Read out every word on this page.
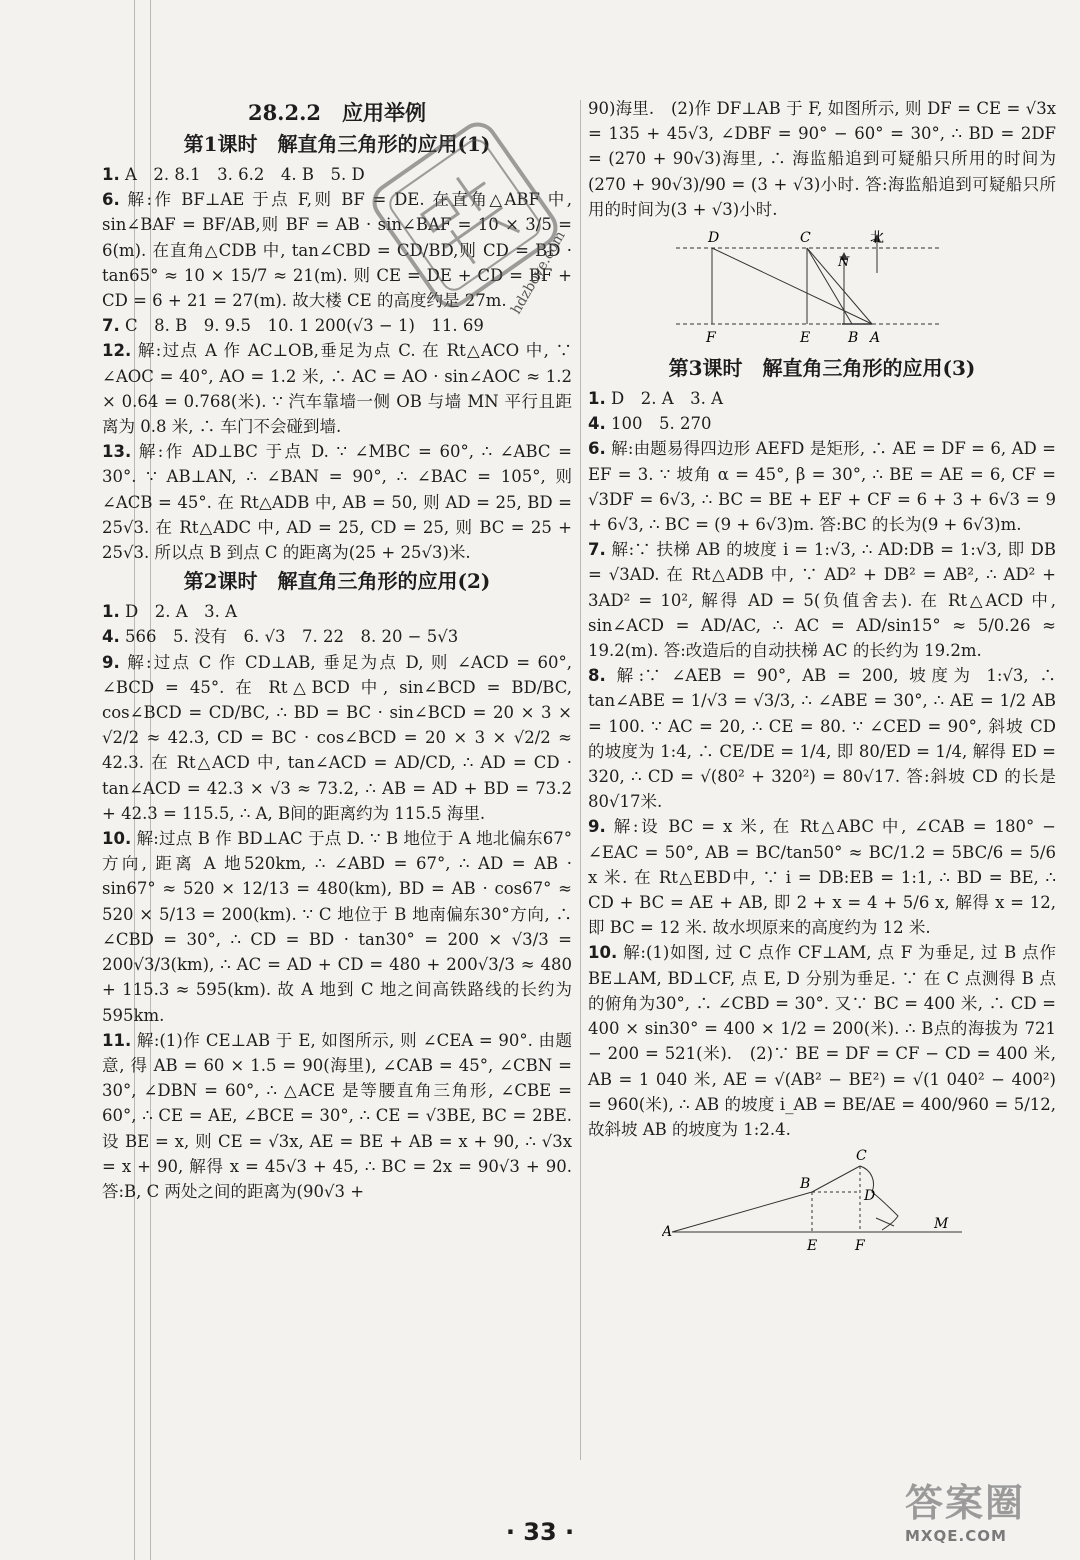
28.2.2　应用举例
第1课时　解直角三角形的应用(1)

1. A　2. 8.1　3. 6.2　4. B　5. D

6. 解:作 BF⊥AE 于点 F,则 BF = DE. 在直角△ABF 中, sin∠BAF = BF/AB,则 BF = AB · sin∠BAF = 10 × 3/5 = 6(m). 在直角△CDB 中, tan∠CBD = CD/BD,则 CD = BD · tan65° ≈ 10 × 15/7 ≈ 21(m). 则 CE = DE + CD = BF + CD = 6 + 21 = 27(m). 故大楼 CE 的高度约是 27m.

7. C　8. B　9. 9.5　10. 1 200(√3 − 1)　11. 69

12. 解:过点 A 作 AC⊥OB,垂足为点 C. 在 Rt△ACO 中, ∵ ∠AOC = 40°, AO = 1.2 米, ∴ AC = AO · sin∠AOC ≈ 1.2 × 0.64 = 0.768(米). ∵ 汽车靠墙一侧 OB 与墙 MN 平行且距离为 0.8 米, ∴ 车门不会碰到墙.

13. 解:作 AD⊥BC 于点 D. ∵ ∠MBC = 60°, ∴ ∠ABC = 30°. ∵ AB⊥AN, ∴ ∠BAN = 90°, ∴ ∠BAC = 105°, 则 ∠ACB = 45°. 在 Rt△ADB 中, AB = 50, 则 AD = 25, BD = 25√3. 在 Rt△ADC 中, AD = 25, CD = 25, 则 BC = 25 + 25√3. 所以点 B 到点 C 的距离为(25 + 25√3)米.

第2课时　解直角三角形的应用(2)

1. D　2. A　3. A

4. 566　5. 没有　6. √3　7. 22　8. 20 − 5√3

9. 解:过点 C 作 CD⊥AB, 垂足为点 D, 则 ∠ACD = 60°, ∠BCD = 45°. 在 Rt△BCD 中, sin∠BCD = BD/BC, cos∠BCD = CD/BC, ∴ BD = BC · sin∠BCD = 20 × 3 × √2/2 ≈ 42.3, CD = BC · cos∠BCD = 20 × 3 × √2/2 ≈ 42.3. 在 Rt△ACD 中, tan∠ACD = AD/CD, ∴ AD = CD · tan∠ACD = 42.3 × √3 ≈ 73.2, ∴ AB = AD + BD = 73.2 + 42.3 = 115.5, ∴ A, B间的距离约为 115.5 海里.

10. 解:过点 B 作 BD⊥AC 于点 D. ∵ B 地位于 A 地北偏东67°方向, 距离 A 地520km, ∴ ∠ABD = 67°, ∴ AD = AB · sin67° ≈ 520 × 12/13 = 480(km), BD = AB · cos67° ≈ 520 × 5/13 = 200(km). ∵ C 地位于 B 地南偏东30°方向, ∴ ∠CBD = 30°, ∴ CD = BD · tan30° = 200 × √3/3 = 200√3/3(km), ∴ AC = AD + CD = 480 + 200√3/3 ≈ 480 + 115.3 ≈ 595(km). 故 A 地到 C 地之间高铁路线的长约为 595km.

11. 解:(1)作 CE⊥AB 于 E, 如图所示, 则 ∠CEA = 90°. 由题意, 得 AB = 60 × 1.5 = 90(海里), ∠CAB = 45°, ∠CBN = 30°, ∠DBN = 60°, ∴ △ACE 是等腰直角三角形, ∠CBE = 60°, ∴ CE = AE, ∠BCE = 30°, ∴ CE = √3BE, BC = 2BE. 设 BE = x, 则 CE = √3x, AE = BE + AB = x + 90, ∴ √3x = x + 90, 解得 x = 45√3 + 45, ∴ BC = 2x = 90√3 + 90. 答:B, C 两处之间的距离为(90√3 +

90)海里.　(2)作 DF⊥AB 于 F, 如图所示, 则 DF = CE = √3x = 135 + 45√3, ∠DBF = 90° − 60° = 30°, ∴ BD = 2DF = (270 + 90√3)海里, ∴ 海监船追到可疑船只所用的时间为 (270 + 90√3)/90 = (3 + √3)小时. 答:海监船追到可疑船只所用的时间为(3 + √3)小时.

D	C
N
北
F	E	B A
第3课时　解直角三角形的应用(3)

1. D　2. A　3. A

4. 100　5. 270

6. 解:由题易得四边形 AEFD 是矩形, ∴ AE = DF = 6, AD = EF = 3. ∵ 坡角 α = 45°, β = 30°, ∴ BE = AE = 6, CF = √3DF = 6√3, ∴ BC = BE + EF + CF = 6 + 3 + 6√3 = 9 + 6√3, ∴ BC = (9 + 6√3)m. 答:BC 的长为(9 + 6√3)m.

7. 解:∵ 扶梯 AB 的坡度 i = 1:√3, ∴ AD:DB = 1:√3, 即 DB = √3AD. 在 Rt△ADB 中, ∵ AD² + DB² = AB², ∴ AD² + 3AD² = 10², 解得 AD = 5(负值舍去). 在 Rt△ACD 中, sin∠ACD = AD/AC, ∴ AC = AD/sin15° ≈ 5/0.26 ≈ 19.2(m). 答:改造后的自动扶梯 AC 的长约为 19.2m.

8. 解:∵ ∠AEB = 90°, AB = 200, 坡度为 1:√3, ∴ tan∠ABE = 1/√3 = √3/3, ∴ ∠ABE = 30°, ∴ AE = 1/2 AB = 100. ∵ AC = 20, ∴ CE = 80. ∵ ∠CED = 90°, 斜坡 CD 的坡度为 1:4, ∴ CE/DE = 1/4, 即 80/ED = 1/4, 解得 ED = 320, ∴ CD = √(80² + 320²) = 80√17. 答:斜坡 CD 的长是80√17米.

9. 解:设 BC = x 米, 在 Rt△ABC 中, ∠CAB = 180° − ∠EAC = 50°, AB = BC/tan50° ≈ BC/1.2 = 5BC/6 = 5/6 x 米. 在 Rt△EBD中, ∵ i = DB:EB = 1:1, ∴ BD = BE, ∴ CD + BC = AE + AB, 即 2 + x = 4 + 5/6 x, 解得 x = 12, 即 BC = 12 米. 故水坝原来的高度约为 12 米.

10. 解:(1)如图, 过 C 点作 CF⊥AM, 点 F 为垂足, 过 B 点作 BE⊥AM, BD⊥CF, 点 E, D 分别为垂足. ∵ 在 C 点测得 B 点的俯角为30°, ∴ ∠CBD = 30°. 又∵ BC = 400 米, ∴ CD = 400 × sin30° = 400 × 1/2 = 200(米). ∴ B点的海拔为 721 − 200 = 521(米).　(2)∵ BE = DF = CF − CD = 400 米, AB = 1 040 米, AE = √(AB² − BE²) = √(1 040² − 400²) = 960(米), ∴ AB 的坡度 i_AB = BE/AE = 400/960 = 5/12, 故斜坡 AB 的坡度为 1:2.4.

C
B
D
A
E	F
M
hdzboye.com
· 33 ·
答案圈
MXQE.COM
